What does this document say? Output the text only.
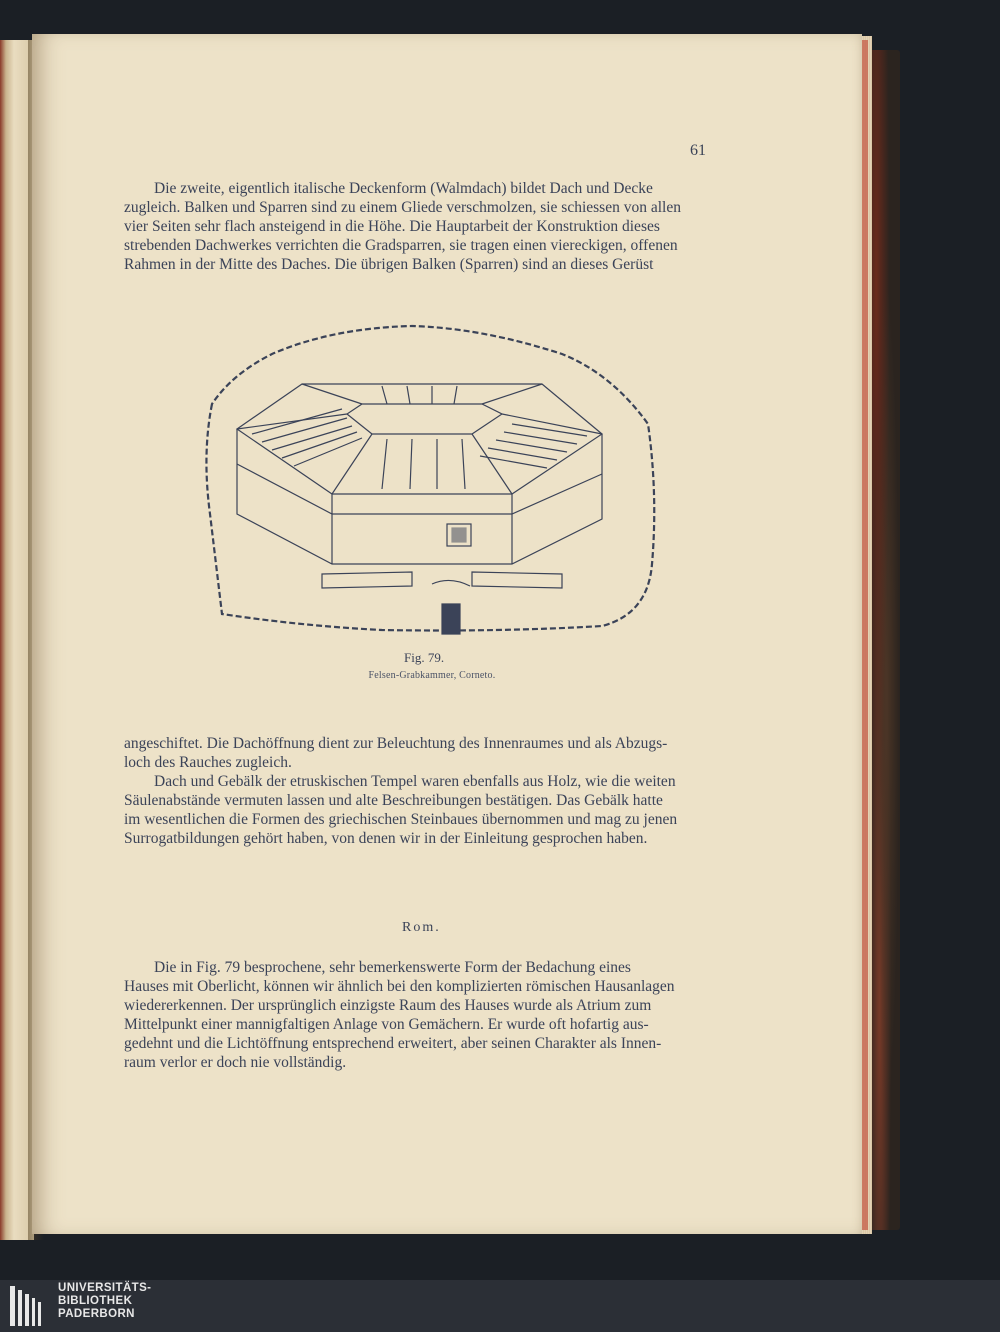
61

Die zweite, eigentlich italische Deckenform (Walmdach) bildet Dach und Decke
zugleich. Balken und Sparren sind zu einem Gliede verschmolzen, sie schiessen von allen
vier Seiten sehr flach ansteigend in die Höhe. Die Hauptarbeit der Konstruktion dieses
strebenden Dachwerkes verrichten die Gradsparren, sie tragen einen viereckigen, offenen
Rahmen in der Mitte des Daches. Die übrigen Balken (Sparren) sind an dieses Gerüst

Fig. 79.
Felsen-Grabkammer, Corneto.

angeschiftet. Die Dachöffnung dient zur Beleuchtung des Innenraumes und als Abzugs-
loch des Rauches zugleich.
Dach und Gebälk der etruskischen Tempel waren ebenfalls aus Holz, wie die weiten
Säulenabstände vermuten lassen und alte Beschreibungen bestätigen. Das Gebälk hatte
im wesentlichen die Formen des griechischen Steinbaues übernommen und mag zu jenen
Surrogatbildungen gehört haben, von denen wir in der Einleitung gesprochen haben.

Rom.

Die in Fig. 79 besprochene, sehr bemerkenswerte Form der Bedachung eines
Hauses mit Oberlicht, können wir ähnlich bei den komplizierten römischen Hausanlagen
wiedererkennen. Der ursprünglich einzigste Raum des Hauses wurde als Atrium zum
Mittelpunkt einer mannigfaltigen Anlage von Gemächern. Er wurde oft hofartig aus-
gedehnt und die Lichtöffnung entsprechend erweitert, aber seinen Charakter als Innen-
raum verlor er doch nie vollständig.

UNIVERSITÄTS-
BIBLIOTHEK
PADERBORN
